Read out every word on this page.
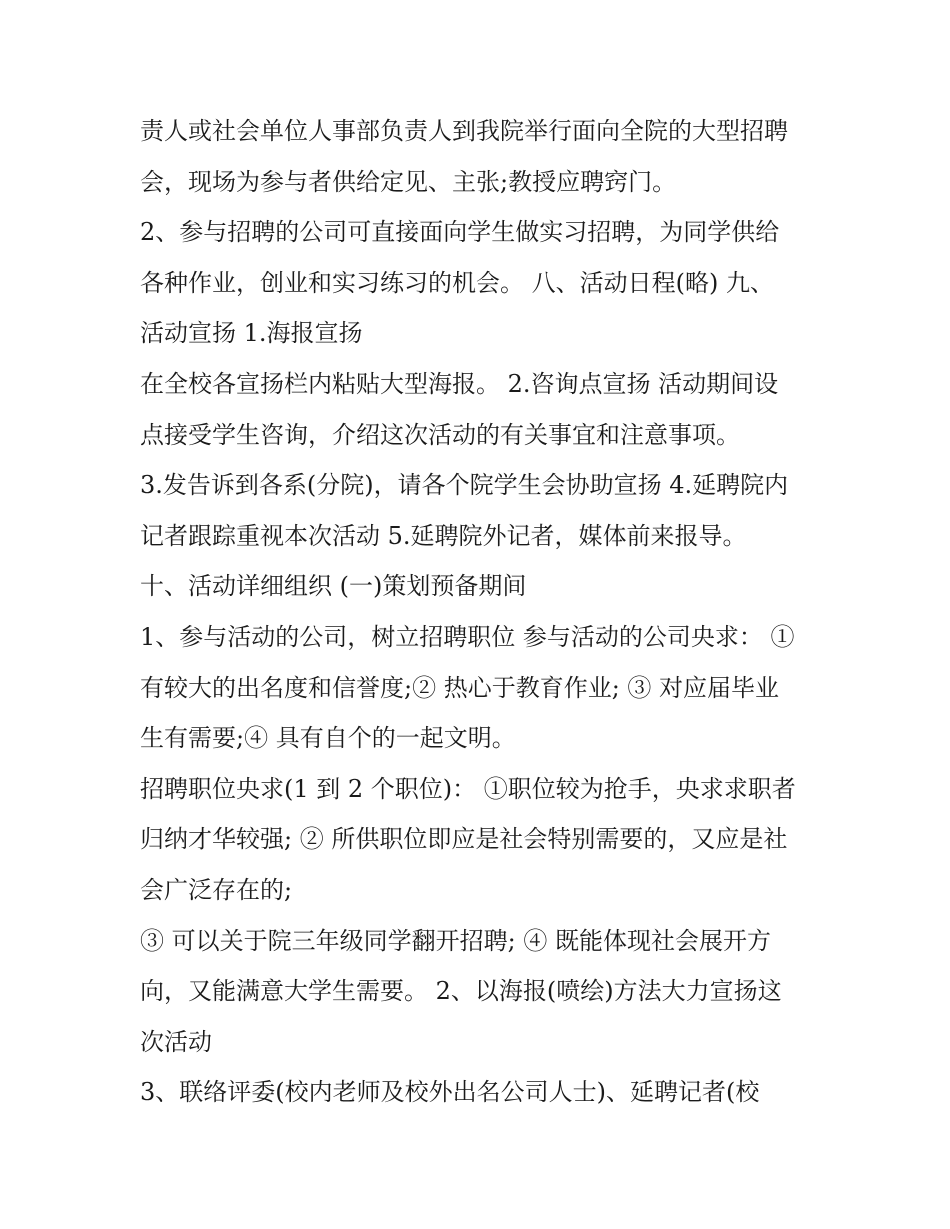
责人或社会单位人事部负责人到我院举行面向全院的大型招聘
会，现场为参与者供给定见、主张;教授应聘窍门。
2、参与招聘的公司可直接面向学生做实习招聘，为同学供给
各种作业，创业和实习练习的机会。 八、活动日程(略) 九、
活动宣扬 1.海报宣扬
在全校各宣扬栏内粘贴大型海报。 2.咨询点宣扬 活动期间设
点接受学生咨询，介绍这次活动的有关事宜和注意事项。
3.发告诉到各系(分院)，请各个院学生会协助宣扬 4.延聘院内
记者跟踪重视本次活动 5.延聘院外记者，媒体前来报导。
十、活动详细组织 (一)策划预备期间
1、参与活动的公司，树立招聘职位 参与活动的公司央求： ①
有较大的出名度和信誉度;② 热心于教育作业; ③ 对应届毕业
生有需要;④ 具有自个的一起文明。
招聘职位央求(1 到 2 个职位)： ①职位较为抢手，央求求职者
归纳才华较强; ② 所供职位即应是社会特别需要的，又应是社
会广泛存在的;
③ 可以关于院三年级同学翻开招聘; ④ 既能体现社会展开方
向，又能满意大学生需要。 2、以海报(喷绘)方法大力宣扬这
次活动
3、联络评委(校内老师及校外出名公司人士)、延聘记者(校
